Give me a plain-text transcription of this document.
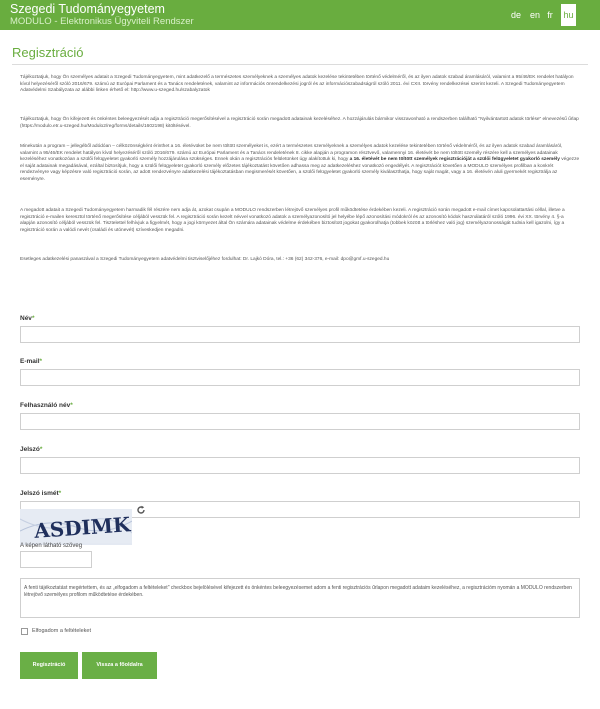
Szegedi Tudományegyetem
MODULO - Elektronikus Ügyviteli Rendszer
de en fr	hu
Regisztráció
Tájékoztatjuk, hogy Ön személyes adatait a Szegedi Tudományegyetem, mint adatkezelő a természetes személyeknek a személyes adatok kezelése tekintetében történő védelméről, és az ilyen adatok szabad áramlásáról, valamint a 95/46/EK rendelet hatályon kívül helyezéséről szóló 2016/679. számú az Európai Parlament és a Tanács rendeletének, valamint az információs önrendelkezési jogról és az információszabadságról szóló 2011. évi CXII. törvény rendelkezései szerint kezeli. A Szegedi Tudományegyetem Adatvédelmi Szabályzata az alábbi linken érhető el: http://www.u-szeged.hu/szabalyzatok
Tájékoztatjuk, hogy Ön kifejezett és önkéntes beleegyezését adja a regisztráció megerősítésével a regisztráció során megadott adatainak kezeléséhez. A hozzájárulás bármikor visszavonható a rendszerben található "Nyilvántartott adatok törlése" elnevezésű űrlap (https://modulo.etr.u-szeged.hu/Modulo2/reg/forms/details/1602198) kitöltésével.
Minekután a program – jellegéből adódóan – célközönségként érinthet a 16. életévüket be nem töltött személyeket is, ezért a természetes személyeknek a személyes adatok kezelése tekintetében történő védelméről, és az ilyen adatok szabad áramlásáról, valamint a 95/46/EK rendelet hatályon kívül helyezéséről szóló 2016/679. számú az Európai Parlament és a Tanács rendeletének 8. cikke alapján a programon résztvevő, valamennyi 16. életévét be nem töltött személy részére kell a személyes adatainak kezeléséhez vonatkozóan a szülői felügyeletet gyakorló személy hozzájárulása szükséges. Ennek okán a regisztrációs felületünket úgy alakítottuk ki, hogy a 16. életévét be nem töltött személyek regisztrációját a szülői felügyeletet gyakorló személy végezze el saját adatainak megadásával, ezáltal biztosítjuk, hogy a szülői felügyeletet gyakorló személy előzetes tájékoztatást követően adhassa meg az adatkezeléshez vonatkozó engedélyét. A regisztrációt követően a MODULO személyes profilban a konkrét rendezvényre vagy képzésre való regisztráció során, az adott rendezvényre adatkezelési tájékoztatásban megismerését követően, a szülői felügyeletet gyakorló személy kiválaszthatja, hogy saját magát, vagy a 16. életévén aluli gyermekét regisztrálja az eseményre.
A megadott adatait a Szegedi Tudományegyetem harmadik fél részére nem adja át, azokat csupán a MODULO rendszerben létrejövő személyes profil működtetése érdekében kezeli. A regisztráció során megadott e-mail címet kapcsolattartási céllal, illetve a regisztráció e-mailen keresztül történő megerősítése céljából vesszük fel. A regisztráció során kezelt névvel vonatkozó adatok a személyazonosító jel helyébe lépő azonosítási módokról és az azonosító kódok használatáról szóló 1996. évi XX. törvény 4. §-a alapján azonosító céljából vesszük fel. Tisztelettel felhívjuk a figyelmét, hogy a jogi környezet által Ön számára adatainak védelme érdekében biztosított jogokat gyakorolhatja (tobbek között a törléshez való jog) személyazonosságát tudnia kell igazolni, így a regisztráció során a valódi nevét (családi és utónevét) szíveskedjen megadni.
Esetleges adatkezelési panaszával a Szegedi Tudományegyetem adatvédelmi tisztviselőjéhez fordulhat: Dr. Lajkó Dóra, tel.: +36 (62) 342-376, e-mail: dpo@gmf.u-szeged.hu
Név*
E-mail*
Felhasználó név*
Jelszó*
Jelszó ismét*
ASDIMK
A képen látható szöveg
A fenti tájékoztatást megértettem, és az „elfogadom a feltételeket" checkbox bejelölésével kifejezett és önkéntes beleegyezésemet adom a fenti regisztrációs űrlapon megadott adataim kezeléséhez, a regisztrációm nyomán a MODULO rendszerben létrejövő személyes profilom működtetése érdekében.
Elfogadom a feltételeket
Regisztráció	Vissza a főoldalra
